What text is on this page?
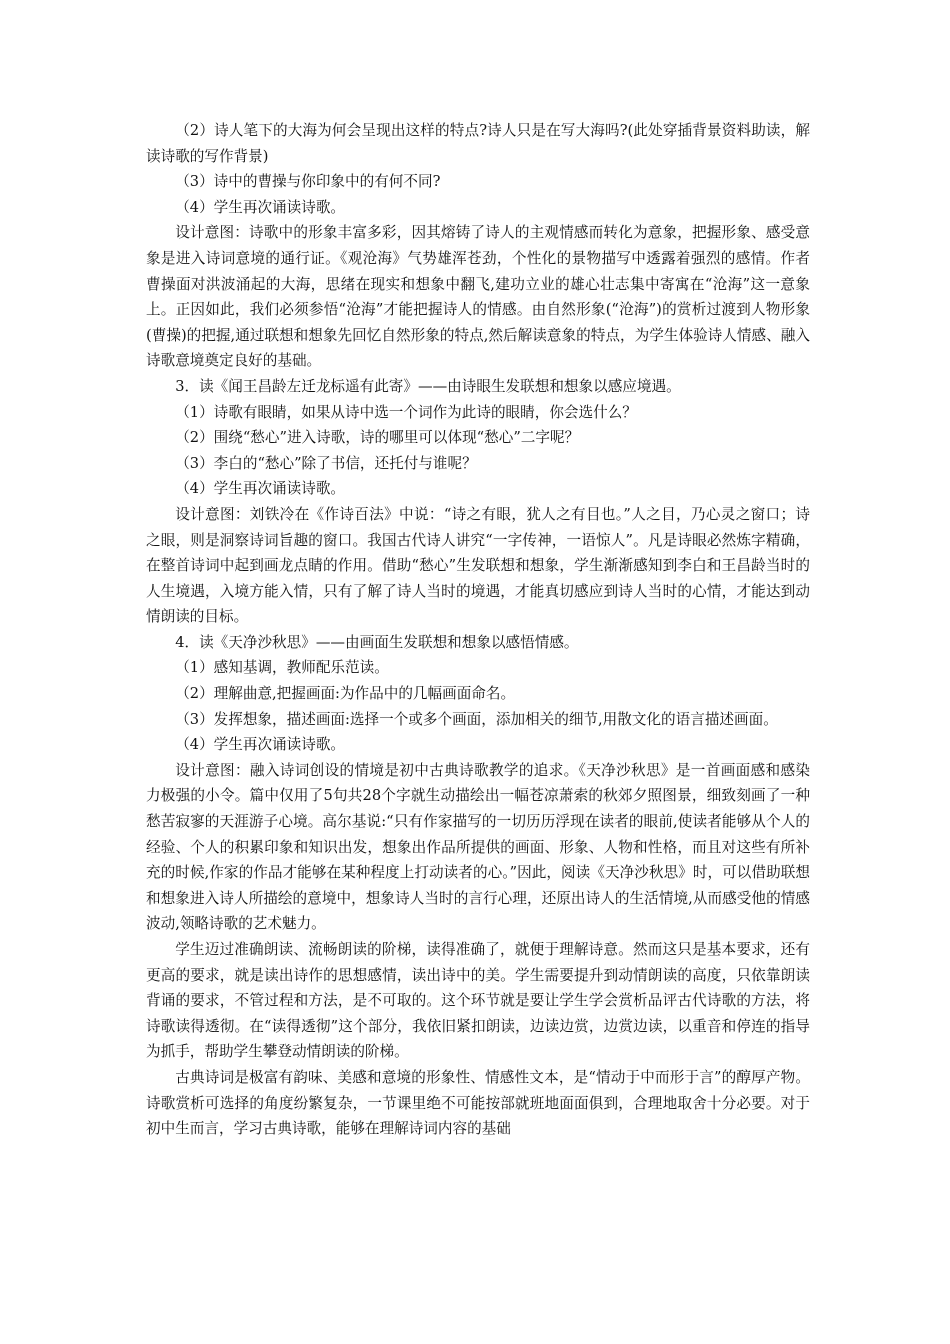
（2）诗人笔下的大海为何会呈现出这样的特点?诗人只是在写大海吗?(此处穿插背景资料助读，解读诗歌的写作背景)

（3）诗中的曹操与你印象中的有何不同?

（4）学生再次诵读诗歌。

设计意图：诗歌中的形象丰富多彩，因其熔铸了诗人的主观情感而转化为意象，把握形象、感受意象是进入诗词意境的通行证。《观沧海》气势雄浑苍劲，个性化的景物描写中透露着强烈的感情。作者曹操面对洪波涌起的大海，思绪在现实和想象中翻飞,建功立业的雄心壮志集中寄寓在“沧海”这一意象上。正因如此，我们必须参悟“沧海”才能把握诗人的情感。由自然形象(“沧海”)的赏析过渡到人物形象(曹操)的把握,通过联想和想象先回忆自然形象的特点,然后解读意象的特点，为学生体验诗人情感、融入诗歌意境奠定良好的基础。

3．读《闻王昌龄左迁龙标遥有此寄》——由诗眼生发联想和想象以感应境遇。

（1）诗歌有眼睛，如果从诗中选一个词作为此诗的眼睛，你会选什么？

（2）围绕“愁心”进入诗歌，诗的哪里可以体现“愁心”二字呢？

（3）李白的“愁心”除了书信，还托付与谁呢？

（4）学生再次诵读诗歌。

设计意图：刘铁冷在《作诗百法》中说：“诗之有眼，犹人之有目也。”人之目，乃心灵之窗口；诗之眼，则是洞察诗词旨趣的窗口。我国古代诗人讲究“一字传神，一语惊人”。凡是诗眼必然炼字精确，在整首诗词中起到画龙点睛的作用。借助“愁心”生发联想和想象，学生渐渐感知到李白和王昌龄当时的人生境遇，入境方能入情，只有了解了诗人当时的境遇，才能真切感应到诗人当时的心情，才能达到动情朗读的目标。

4．读《天净沙秋思》——由画面生发联想和想象以感悟情感。

（1）感知基调，教师配乐范读。

（2）理解曲意,把握画面:为作品中的几幅画面命名。

（3）发挥想象，描述画面:选择一个或多个画面，添加相关的细节,用散文化的语言描述画面。

（4）学生再次诵读诗歌。

设计意图：融入诗词创设的情境是初中古典诗歌教学的追求。《天净沙秋思》是一首画面感和感染力极强的小令。篇中仅用了5句共28个字就生动描绘出一幅苍凉萧索的秋郊夕照图景，细致刻画了一种愁苦寂寥的天涯游子心境。高尔基说:“只有作家描写的一切历历浮现在读者的眼前,使读者能够从个人的经验、个人的积累印象和知识出发，想象出作品所提供的画面、形象、人物和性格，而且对这些有所补充的时候,作家的作品才能够在某种程度上打动读者的心。”因此，阅读《天净沙秋思》时，可以借助联想和想象进入诗人所描绘的意境中，想象诗人当时的言行心理，还原出诗人的生活情境,从而感受他的情感波动,领略诗歌的艺术魅力。

学生迈过准确朗读、流畅朗读的阶梯，读得准确了，就便于理解诗意。然而这只是基本要求，还有更高的要求，就是读出诗作的思想感情，读出诗中的美。学生需要提升到动情朗读的高度，只依靠朗读背诵的要求，不管过程和方法，是不可取的。这个环节就是要让学生学会赏析品评古代诗歌的方法，将诗歌读得透彻。在“读得透彻”这个部分，我依旧紧扣朗读，边读边赏，边赏边读，以重音和停连的指导为抓手，帮助学生攀登动情朗读的阶梯。

古典诗词是极富有韵味、美感和意境的形象性、情感性文本，是“情动于中而形于言”的醇厚产物。诗歌赏析可选择的角度纷繁复杂，一节课里绝不可能按部就班地面面俱到，合理地取舍十分必要。对于初中生而言，学习古典诗歌，能够在理解诗词内容的基础
